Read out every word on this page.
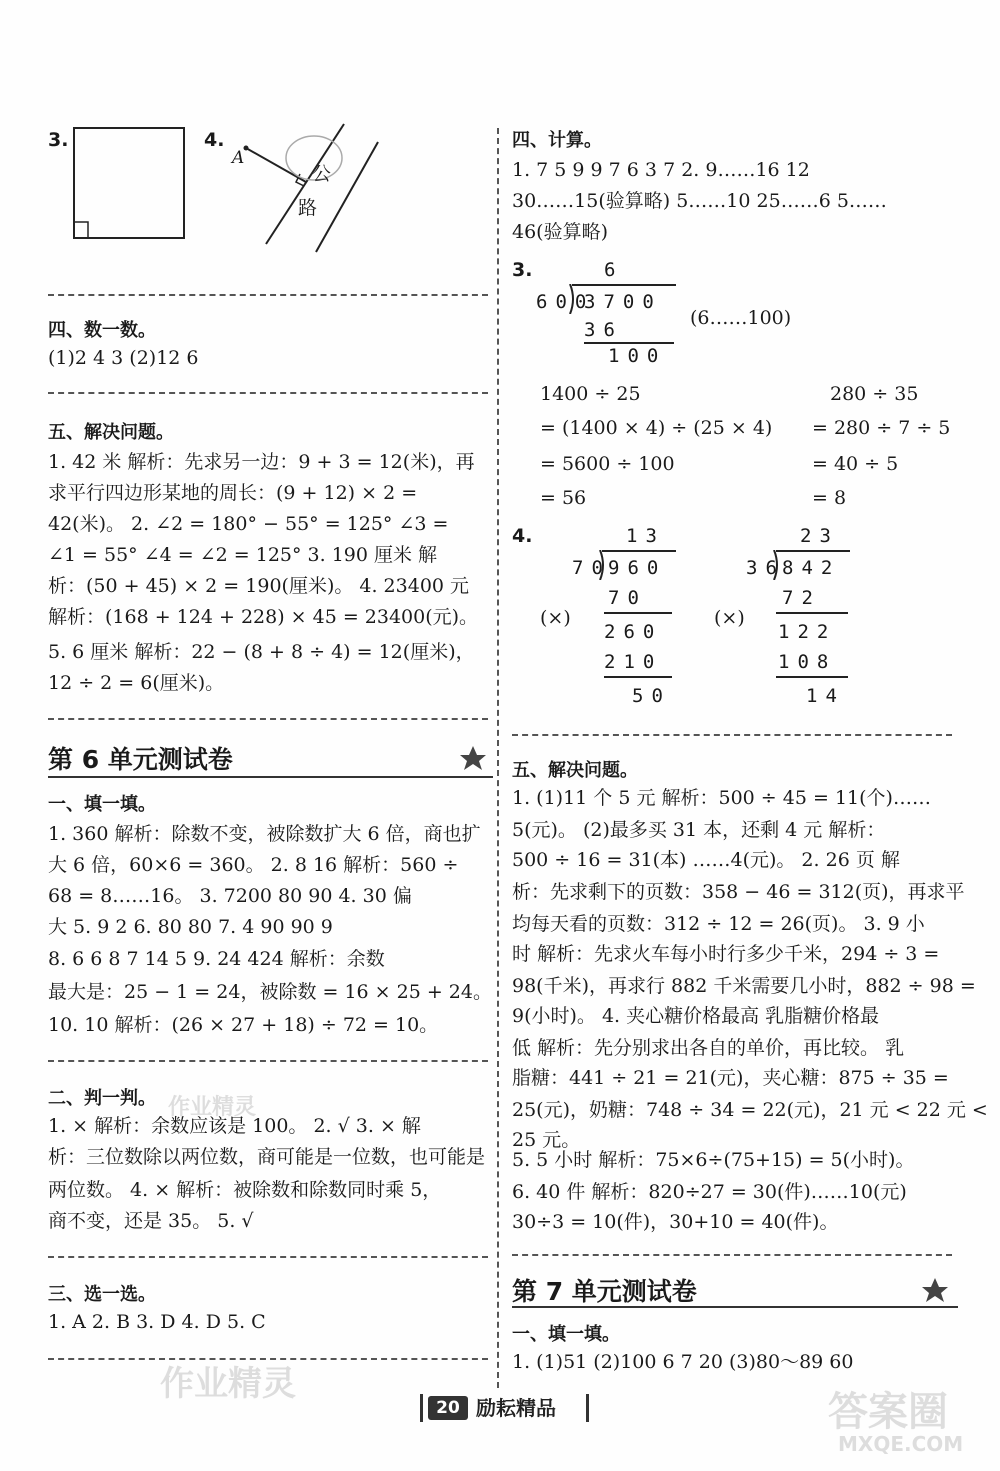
3.	4.
A
公
路
四、数一数。
(1)2 4 3 (2)12 6
五、解决问题。
1. 42 米 解析：先求另一边：9 + 3 = 12(米)，再
求平行四边形某地的周长：(9 + 12) × 2 =
42(米)。 2. ∠2 = 180° − 55° = 125° ∠3 =
∠1 = 55° ∠4 = ∠2 = 125° 3. 190 厘米 解
析：(50 + 45) × 2 = 190(厘米)。 4. 23400 元
解析：(168 + 124 + 228) × 45 = 23400(元)。
5. 6 厘米 解析：22 − (8 + 8 ÷ 4) = 12(厘米)，
12 ÷ 2 = 6(厘米)。
第 6 单元测试卷
一、填一填。
1. 360 解析：除数不变，被除数扩大 6 倍，商也扩
大 6 倍，60×6 = 360。 2. 8 16 解析：560 ÷
68 = 8……16。 3. 7200 80 90 4. 30 偏
大 5. 9 2 6. 80 80 7. 4 90 90 9
8. 6 6 8 7 14 5 9. 24 424 解析：余数
最大是：25 − 1 = 24，被除数 = 16 × 25 + 24。
10. 10 解析：(26 × 27 + 18) ÷ 72 = 10。
二、判一判。
1. × 解析：余数应该是 100。 2. √ 3. × 解
析：三位数除以两位数，商可能是一位数，也可能是
两位数。 4. × 解析：被除数和除数同时乘 5，
商不变，还是 35。 5. √
三、选一选。
1. A 2. B 3. D 4. D 5. C
四、计算。
1. 7 5 9 9 7 6 3 7 2. 9……16 12
30……15(验算略) 5……10 25……6 5……
46(验算略)
3.	6
600
3700
36
100
(6……100)
1400 ÷ 25
= (1400 × 4) ÷ (25 × 4)
= 5600 ÷ 100
= 56
280 ÷ 35
= 280 ÷ 7 ÷ 5
= 40 ÷ 5
= 8
4.	13
70
960
70
260
210
50
(×)
23
36
842
72
122
108
14
(×)
五、解决问题。
1. (1)11 个 5 元 解析：500 ÷ 45 = 11(个)……
5(元)。 (2)最多买 31 本，还剩 4 元 解析：
500 ÷ 16 = 31(本) ……4(元)。 2. 26 页 解
析：先求剩下的页数：358 − 46 = 312(页)，再求平
均每天看的页数：312 ÷ 12 = 26(页)。 3. 9 小
时 解析：先求火车每小时行多少千米，294 ÷ 3 =
98(千米)，再求行 882 千米需要几小时，882 ÷ 98 =
9(小时)。 4. 夹心糖价格最高 乳脂糖价格最
低 解析：先分别求出各自的单价，再比较。 乳
脂糖：441 ÷ 21 = 21(元)，夹心糖：875 ÷ 35 =
25(元)，奶糖：748 ÷ 34 = 22(元)，21 元 < 22 元 <
25 元。
5. 5 小时 解析：75×6÷(75+15) = 5(小时)。
6. 40 件 解析：820÷27 = 30(件)……10(元)
30÷3 = 10(件)，30+10 = 40(件)。
第 7 单元测试卷
一、填一填。
1. (1)51 (2)100 6 7 20 (3)80～89 60
20 励耘精品
作业精灵
作业精灵
答案圈
MXQE.COM
